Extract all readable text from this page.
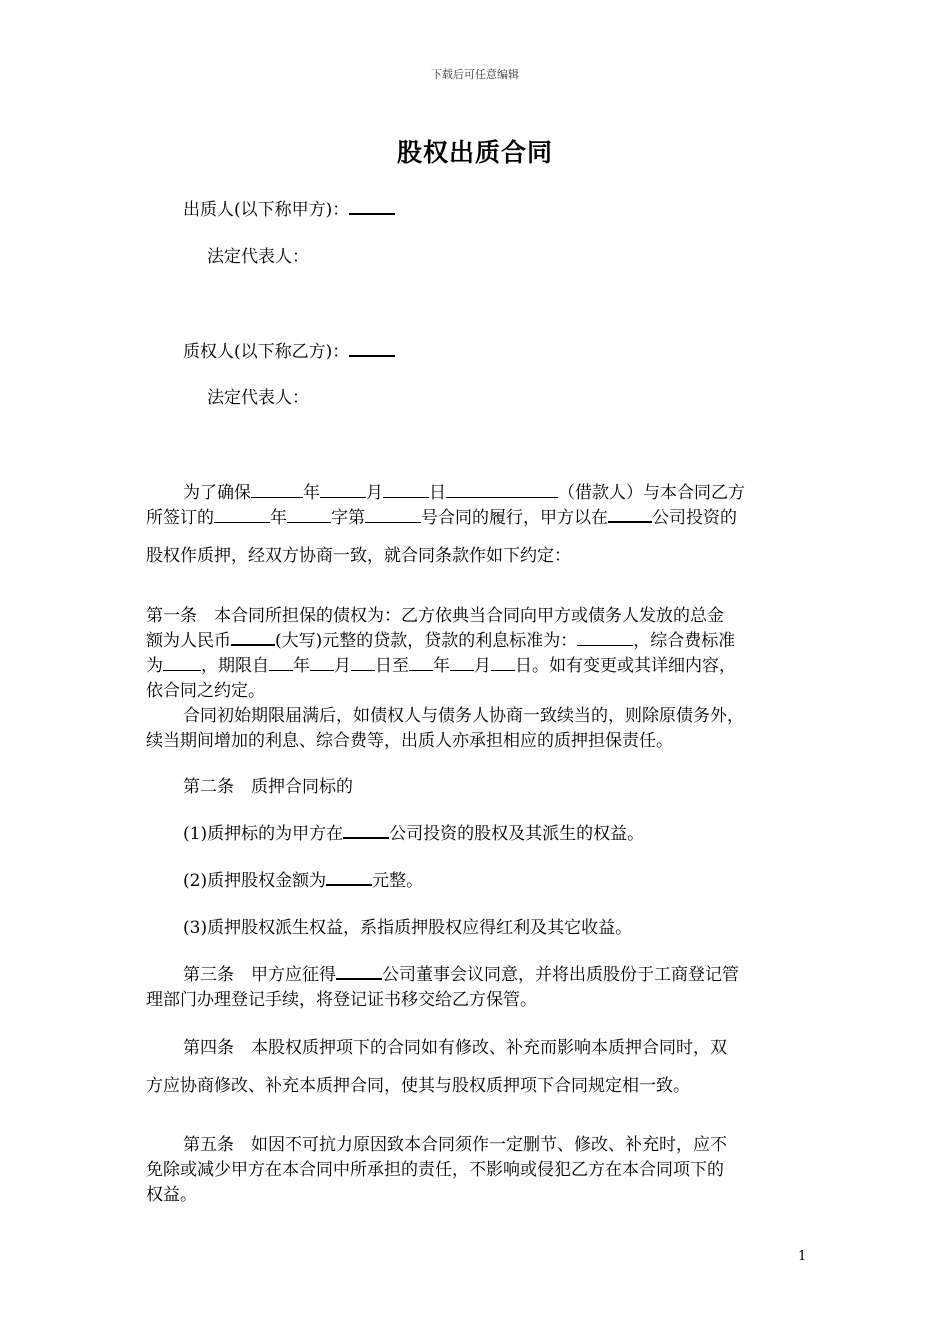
下载后可任意编辑
股权出质合同
出质人(以下称甲方)：
法定代表人：
质权人(以下称乙方)：
法定代表人：
为了确保	年	月	日	（借款人）与本合同乙方
所签订的	年	字第	号合同的履行，甲方以在	公司投资的
股权作质押，经双方协商一致，就合同条款作如下约定：
第一条　本合同所担保的债权为：乙方依典当合同向甲方或债务人发放的总金
额为人民币	(大写)元整的贷款，贷款的利息标准为：	，综合费标准
为 ，期限自 年 月 日至 年 月 日。如有变更或其详细内容，
依合同之约定。
合同初始期限届满后，如债权人与债务人协商一致续当的，则除原债务外，
续当期间增加的利息、综合费等，出质人亦承担相应的质押担保责任。
第二条　质押合同标的
(1)质押标的为甲方在	公司投资的股权及其派生的权益。
(2)质押股权金额为	元整。
(3)质押股权派生权益，系指质押股权应得红利及其它收益。
第三条　甲方应征得	公司董事会议同意，并将出质股份于工商登记管
理部门办理登记手续，将登记证书移交给乙方保管。
第四条　本股权质押项下的合同如有修改、补充而影响本质押合同时，双
方应协商修改、补充本质押合同，使其与股权质押项下合同规定相一致。
第五条　如因不可抗力原因致本合同须作一定删节、修改、补充时，应不
免除或减少甲方在本合同中所承担的责任，不影响或侵犯乙方在本合同项下的
权益。
1
